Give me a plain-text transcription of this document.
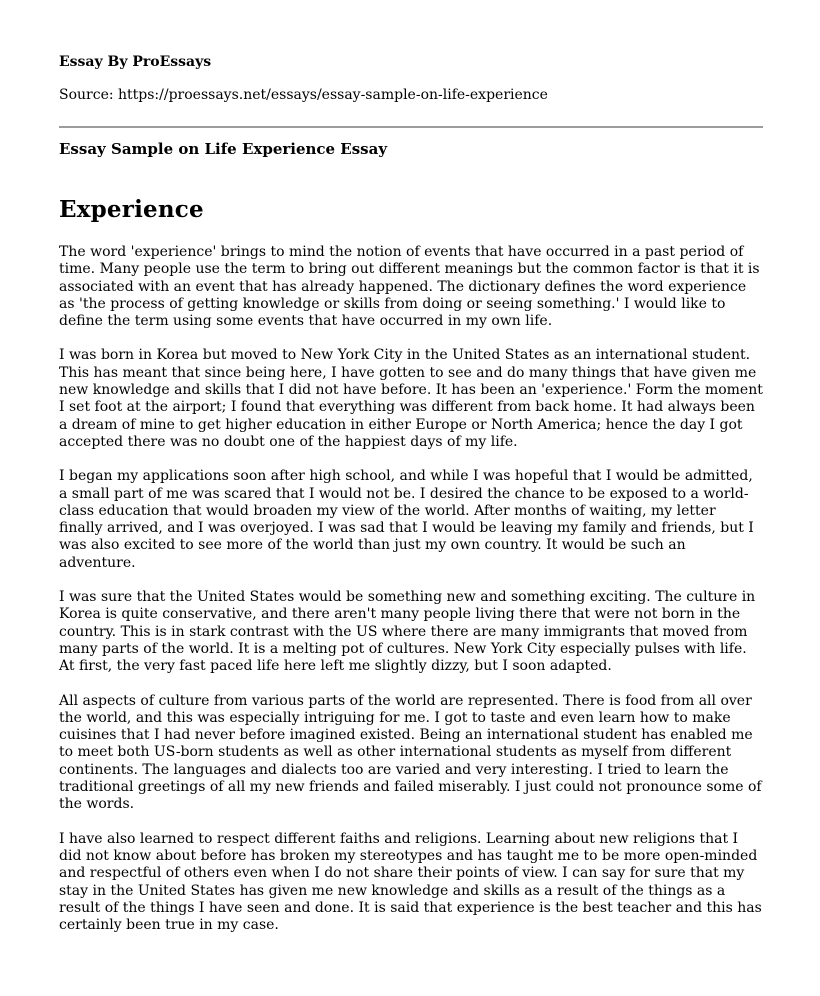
Essay By ProEssays
Source: https://proessays.net/essays/essay-sample-on-life-experience
Essay Sample on Life Experience Essay
Experience

The word 'experience' brings to mind the notion of events that have occurred in a past period of time. Many people use the term to bring out different meanings but the common factor is that it is associated with an event that has already happened. The dictionary defines the word experience as 'the process of getting knowledge or skills from doing or seeing something.' I would like to define the term using some events that have occurred in my own life.

I was born in Korea but moved to New York City in the United States as an international student. This has meant that since being here, I have gotten to see and do many things that have given me new knowledge and skills that I did not have before. It has been an 'experience.' Form the moment I set foot at the airport; I found that everything was different from back home. It had always been a dream of mine to get higher education in either Europe or North America; hence the day I got accepted there was no doubt one of the happiest days of my life.

I began my applications soon after high school, and while I was hopeful that I would be admitted, a small part of me was scared that I would not be. I desired the chance to be exposed to a world-class education that would broaden my view of the world. After months of waiting, my letter finally arrived, and I was overjoyed. I was sad that I would be leaving my family and friends, but I was also excited to see more of the world than just my own country. It would be such an adventure.

I was sure that the United States would be something new and something exciting. The culture in Korea is quite conservative, and there aren't many people living there that were not born in the country. This is in stark contrast with the US where there are many immigrants that moved from many parts of the world. It is a melting pot of cultures. New York City especially pulses with life. At first, the very fast paced life here left me slightly dizzy, but I soon adapted.

All aspects of culture from various parts of the world are represented. There is food from all over the world, and this was especially intriguing for me. I got to taste and even learn how to make cuisines that I had never before imagined existed. Being an international student has enabled me to meet both US-born students as well as other international students as myself from different continents. The languages and dialects too are varied and very interesting. I tried to learn the traditional greetings of all my new friends and failed miserably. I just could not pronounce some of the words.

I have also learned to respect different faiths and religions. Learning about new religions that I did not know about before has broken my stereotypes and has taught me to be more open-minded and respectful of others even when I do not share their points of view. I can say for sure that my stay in the United States has given me new knowledge and skills as a result of the things as a result of the things I have seen and done. It is said that experience is the best teacher and this has certainly been true in my case.
